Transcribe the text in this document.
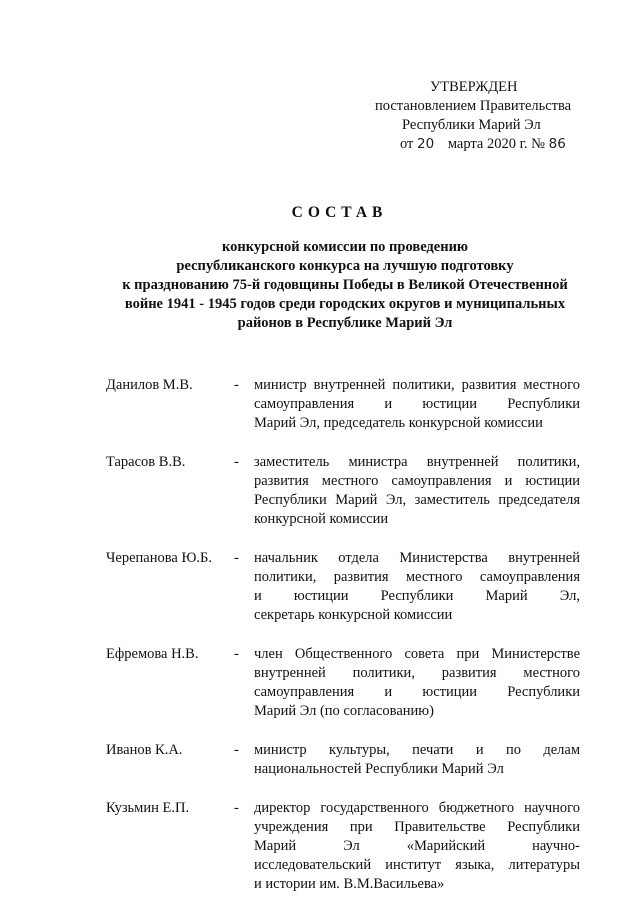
УТВЕРЖДЕН
постановлением Правительства
Республики Марий Эл
от 20 марта 2020 г. № 86
СОСТАВ
конкурсной комиссии по проведению
республиканского конкурса на лучшую подготовку
к празднованию 75-й годовщины Победы в Великой Отечественной
войне 1941 - 1945 годов среди городских округов и муниципальных
районов в Республике Марий Эл
Данилов М.В.	- министр внутренней политики, развития местного
самоуправления и юстиции Республики
Марий Эл, председатель конкурсной комиссии
Тарасов В.В.	- заместитель министра внутренней политики,
развития местного самоуправления и юстиции
Республики Марий Эл, заместитель председателя
конкурсной комиссии
Черепанова Ю.Б. - начальник отдела Министерства внутренней
политики, развития местного самоуправления
и юстиции Республики Марий Эл,
секретарь конкурсной комиссии
Ефремова Н.В. - член Общественного совета при Министерстве
внутренней политики, развития местного
самоуправления и юстиции Республики
Марий Эл (по согласованию)
Иванов К.А.	- министр культуры, печати и по делам
национальностей Республики Марий Эл
Кузьмин Е.П.	- директор государственного бюджетного научного
учреждения при Правительстве Республики
Марий Эл «Марийский научно-
исследовательский институт языка, литературы
и истории им. В.М.Васильева»
